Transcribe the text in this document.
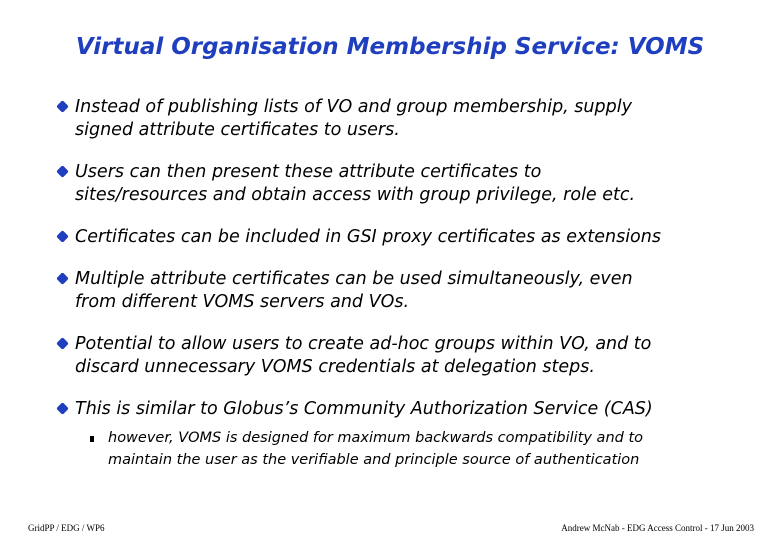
Virtual Organisation Membership Service: VOMS
Instead of publishing lists of VO and group membership, supply
signed attribute certificates to users.
Users can then present these attribute certificates to
sites/resources and obtain access with group privilege, role etc.
Certificates can be included in GSI proxy certificates as extensions
Multiple attribute certificates can be used simultaneously, even
from different VOMS servers and VOs.
Potential to allow users to create ad-hoc groups within VO, and to
discard unnecessary VOMS credentials at delegation steps.
This is similar to Globus’s Community Authorization Service (CAS)
however, VOMS is designed for maximum backwards compatibility and to
maintain the user as the verifiable and principle source of authentication
GridPP / EDG / WP6	Andrew McNab - EDG Access Control - 17 Jun 2003
